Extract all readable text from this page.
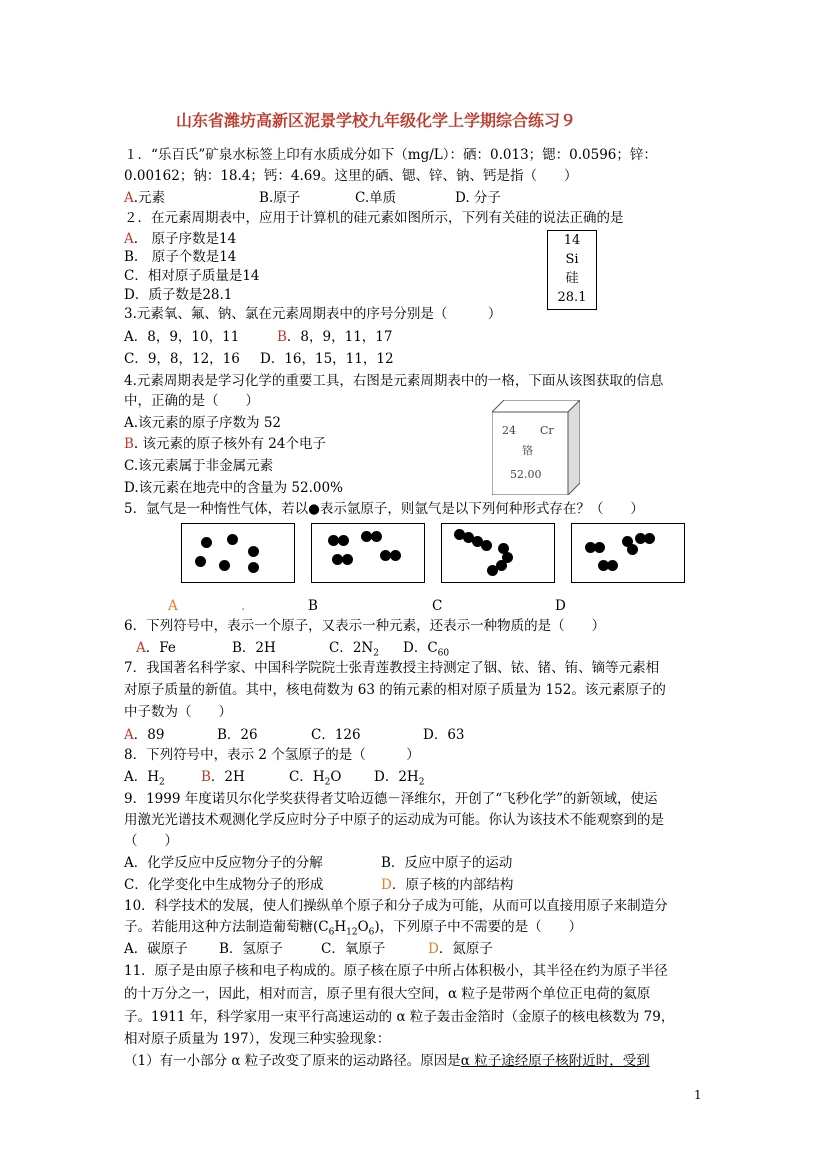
山东省潍坊高新区泥景学校九年级化学上学期综合练习９
１．“乐百氏”矿泉水标签上印有水质成分如下（mg/L）：硒：0.013；锶：0.0596；锌：
0.00162；钠：18.4；钙：4.69。这里的硒、锶、锌、钠、钙是指（　　）
A.元素	B.原子	C.单质	D. 分子
２．在元素周期表中，应用于计算机的硅元素如图所示，下列有关硅的说法正确的是
A.　原子序数是14
B.　原子个数是14
C．相对原子质量是14
D．质子数是28.1
14
Si
硅
28.1
3.元素氧、氟、钠、氯在元素周期表中的序号分别是（　　　）
A．8，9，10，11	B．8，9，11，17
C．9，8，12，16 D．16，15，11，12
4.元素周期表是学习化学的重要工具，右图是元素周期表中的一格，下面从该图获取的信息
中，正确的是（　　）
A.该元素的原子序数为 52
B. 该元素的原子核外有 24个电子
C.该元素属于非金属元素
D.该元素在地壳中的含量为 52.00%
24 Cr
铬
52.00
5．氩气是一种惰性气体，若以●表示氩原子，则氩气是以下列何种形式存在？（　　）
A	.	B	C	D
6．下列符号中，表示一个原子，又表示一种元素，还表示一种物质的是（　　）
A．Fe	B．2H	C．$2N_2$ D．$C_{60}$
7．我国著名科学家、中国科学院院士张青莲教授主持测定了铟、铱、锗、铕、镝等元素相
对原子质量的新值。其中，核电荷数为 63 的铕元素的相对原子质量为 152。该元素原子的
中子数为（　　）
A．89	B．26	C．126	D．63
8．下列符号中，表示 2 个氢原子的是（　　　）
A．$H_2$	B．2H	C．$H_2O$ D．$2H_2$
9．1999 年度诺贝尔化学奖获得者艾哈迈德－泽维尔，开创了“飞秒化学”的新领域，使运
用激光光谱技术观测化学反应时分子中原子的运动成为可能。你认为该技术不能观察到的是
（　　）
A．化学反应中反应物分子的分解	B．反应中原子的运动
C．化学变化中生成物分子的形成	D．原子核的内部结构
10．科学技术的发展，使人们操纵单个原子和分子成为可能，从而可以直接用原子来制造分
子。若能用这种方法制造葡萄糖$(C_6H_{12}O_6)$，下列原子中不需要的是（　　）
A．碳原子 B．氢原子	C．氧原子	D．氮原子
11．原子是由原子核和电子构成的。原子核在原子中所占体积极小，其半径在约为原子半径
的十万分之一，因此，相对而言，原子里有很大空间，α 粒子是带两个单位正电荷的氦原
子。1911 年，科学家用一束平行高速运动的 α 粒子轰击金箔时（金原子的核电核数为 79，
相对原子质量为 197），发现三种实验现象：
（1）有一小部分 α 粒子改变了原来的运动路径。原因是α 粒子途经原子核附近时，受到
1
